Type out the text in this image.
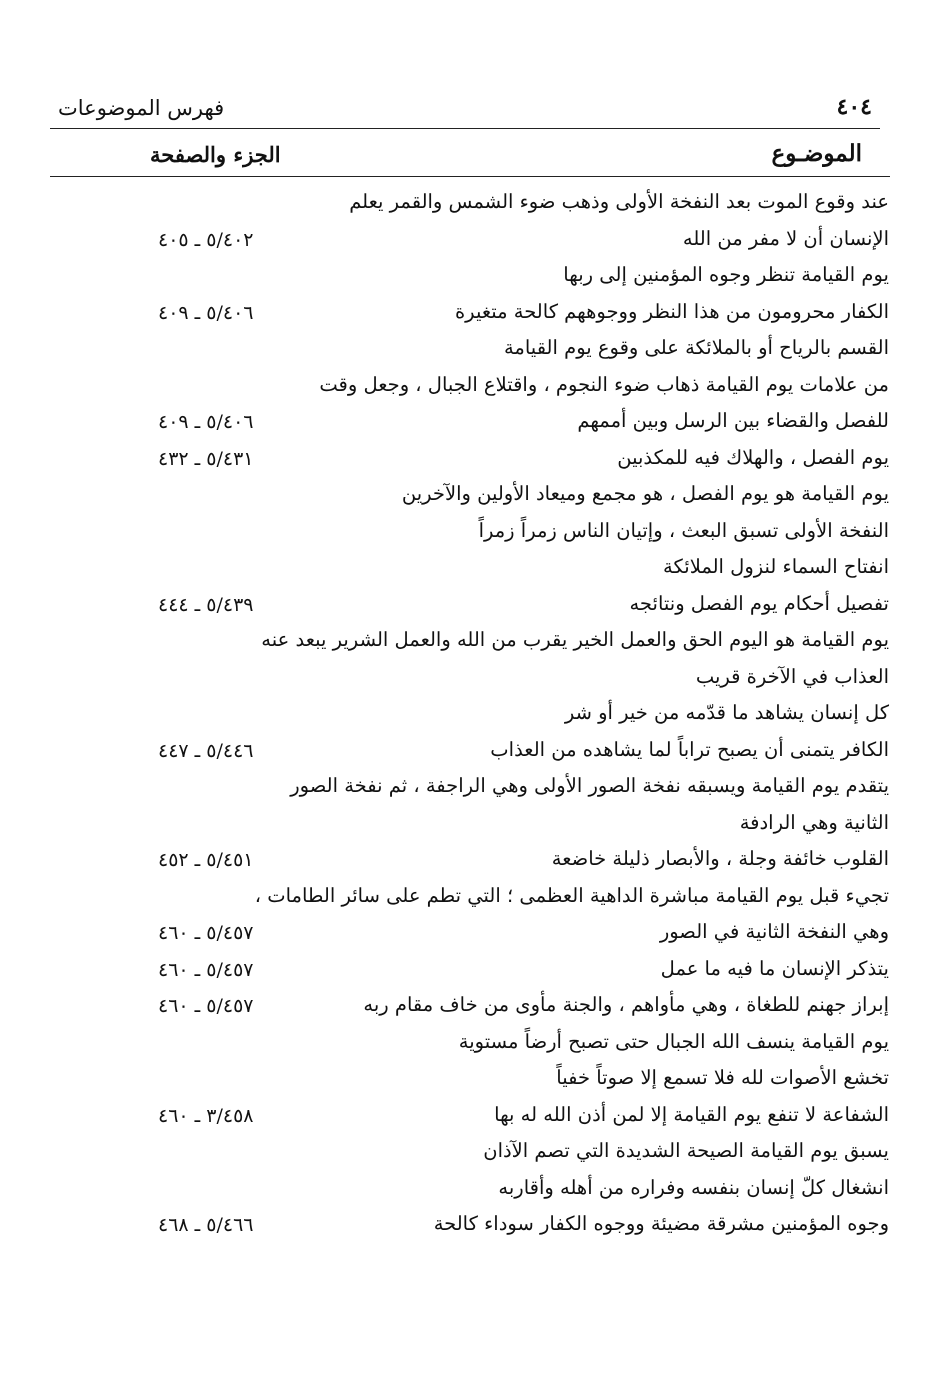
٤٠٤
فهرس الموضوعات
الموضـوع
الجزء والصفحة
عند وقوع الموت بعد النفخة الأولى وذهب ضوء الشمس والقمر يعلم
الإنسان أن لا مفر من الله
٥/٤٠٢ ـ ٤٠٥
يوم القيامة تنظر وجوه المؤمنين إلى ربها
الكفار محرومون من هذا النظر ووجوههم كالحة متغيرة
٥/٤٠٦ ـ ٤٠٩
القسم بالرياح أو بالملائكة على وقوع يوم القيامة
من علامات يوم القيامة ذهاب ضوء النجوم ، واقتلاع الجبال ، وجعل وقت
للفصل والقضاء بين الرسل وبين أممهم
٥/٤٠٦ ـ ٤٠٩
يوم الفصل ، والهلاك فيه للمكذبين
٥/٤٣١ ـ ٤٣٢
يوم القيامة هو يوم الفصل ، هو مجمع وميعاد الأولين والآخرين
النفخة الأولى تسبق البعث ، وإتيان الناس زمراً زمراً
انفتاح السماء لنزول الملائكة
تفصيل أحكام يوم الفصل ونتائجه
٥/٤٣٩ ـ ٤٤٤
يوم القيامة هو اليوم الحق والعمل الخير يقرب من الله والعمل الشرير يبعد عنه
العذاب في الآخرة قريب
كل إنسان يشاهد ما قدّمه من خير أو شر
الكافر يتمنى أن يصبح تراباً لما يشاهده من العذاب
٥/٤٤٦ ـ ٤٤٧
يتقدم يوم القيامة ويسبقه نفخة الصور الأولى وهي الراجفة ، ثم نفخة الصور
الثانية وهي الرادفة
القلوب خائفة وجلة ، والأبصار ذليلة خاضعة
٥/٤٥١ ـ ٤٥٢
تجيء قبل يوم القيامة مباشرة الداهية العظمى ؛ التي تطم على سائر الطامات ،
وهي النفخة الثانية في الصور
٥/٤٥٧ ـ ٤٦٠
يتذكر الإنسان ما فيه ما عمل
٥/٤٥٧ ـ ٤٦٠
إبراز جهنم للطغاة ، وهي مأواهم ، والجنة مأوى من خاف مقام ربه
٥/٤٥٧ ـ ٤٦٠
يوم القيامة ينسف الله الجبال حتى تصبح أرضاً مستوية
تخشع الأصوات لله فلا تسمع إلا صوتاً خفياً
الشفاعة لا تنفع يوم القيامة إلا لمن أذن الله له بها
٣/٤٥٨ ـ ٤٦٠
يسبق يوم القيامة الصيحة الشديدة التي تصم الآذان
انشغال كلّ إنسان بنفسه وفراره من أهله وأقاربه
وجوه المؤمنين مشرقة مضيئة ووجوه الكفار سوداء كالحة
٥/٤٦٦ ـ ٤٦٨
